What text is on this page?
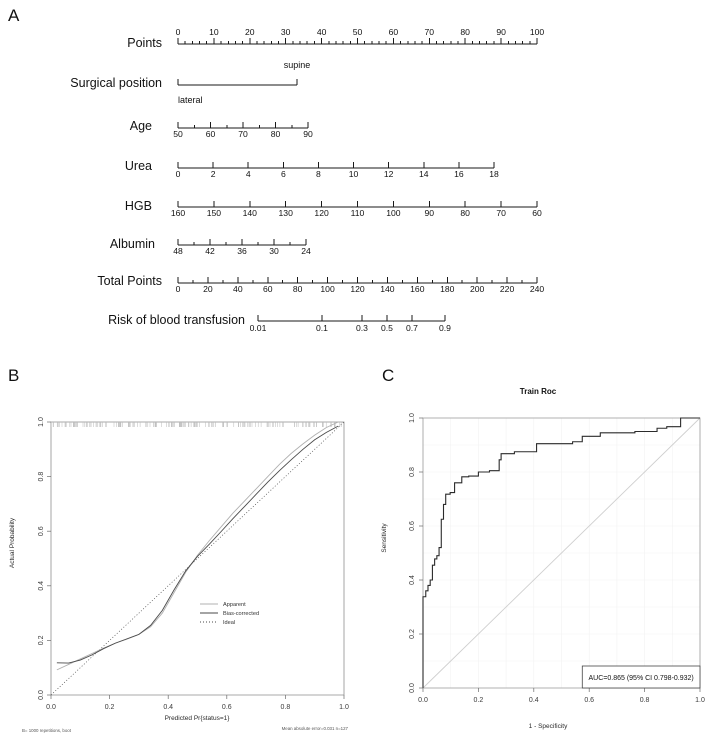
A
Points
Surgical position
Age
Urea
HGB
Albumin
Total Points
Risk of blood transfusion
0	10	20	30	40	50	60	70	80	90	100
50	60	70	80	90
0	2	4	6	8	10	12	14	16	18
160	150	140	130	120	110	100	90	80	70	60
48	42	36	30	24
0	20 40 60 80 100 120 140 160 180 200 220 240
0.01	0.1	0.3 0.5 0.7 0.9
supine
lateral
B
0.0	0.2	0.4	0.6	0.8	1.0
0.0
0.2
0.4
0.6
0.8
1.0
Apparent
Bias-corrected
Ideal
Predicted Pr{status=1}
Actual Probability
B= 1000 repetitions, boot	Mean absolute error=0.031 n=127
C
0.0	0.2	0.4	0.6	0.8	1.0
0.0
0.2
0.4
0.6
0.8
1.0
Train Roc
1 - Specificity
Sensitivity
AUC=0.865 (95% CI 0.798-0.932)
